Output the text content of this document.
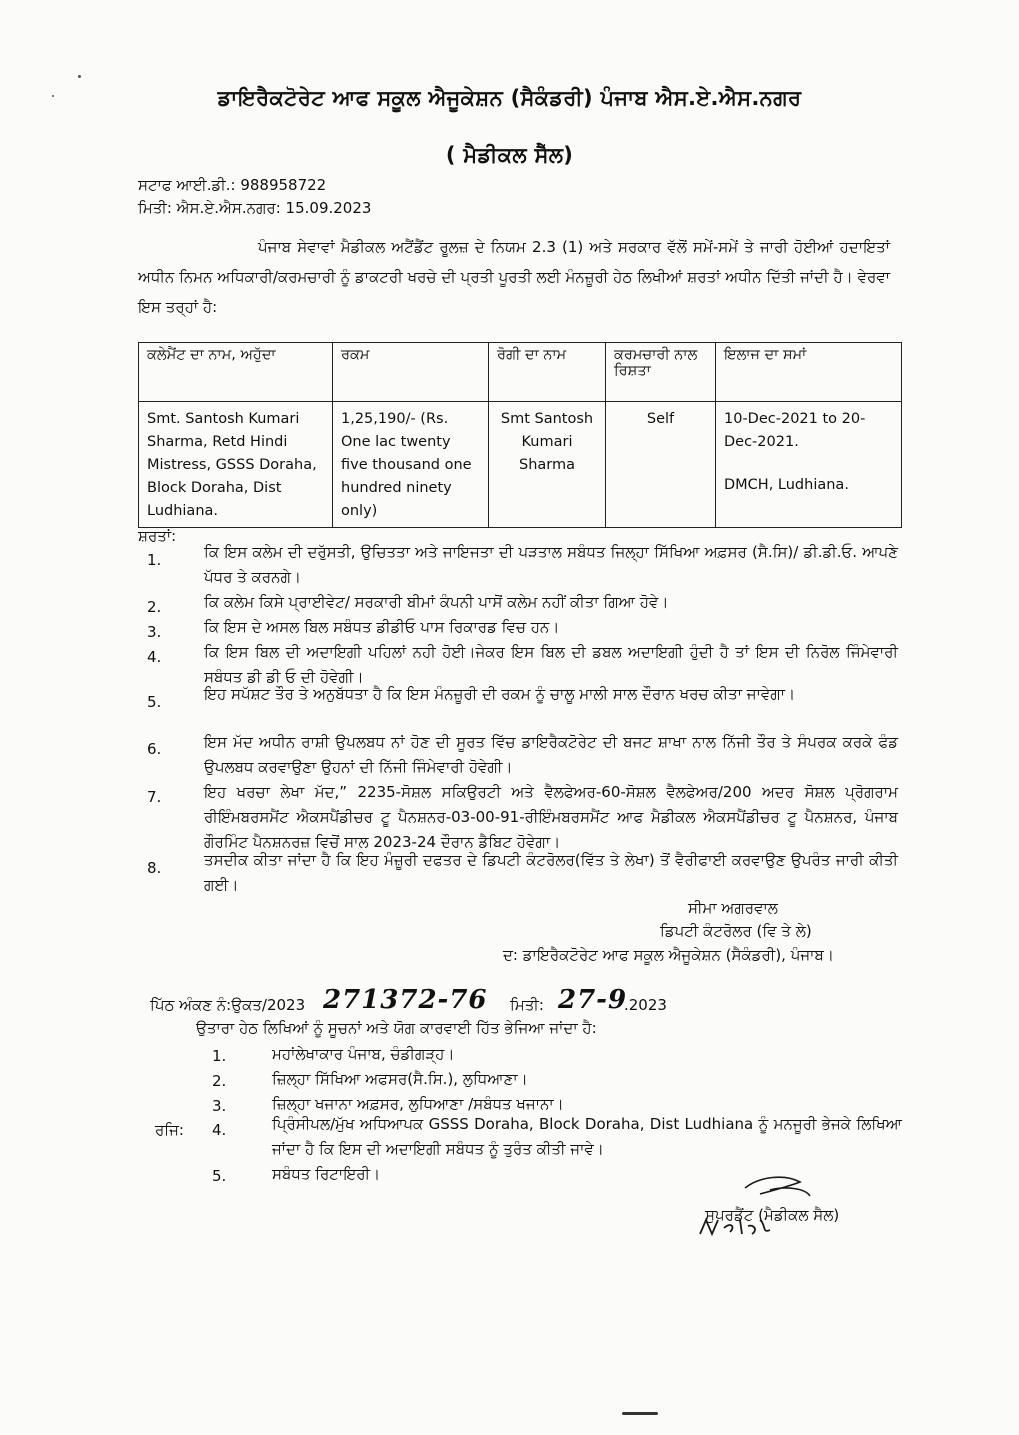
ਡਾਇਰੈਕਟੋਰੇਟ ਆਫ ਸਕੂਲ ਐਜੂਕੇਸ਼ਨ (ਸੈਕੰਡਰੀ) ਪੰਜਾਬ ਐਸ.ਏ.ਐਸ.ਨਗਰ
( ਮੈਡੀਕਲ ਸੈੱਲ)
ਸਟਾਫ ਆਈ.ਡੀ.: 988958722
ਮਿਤੀ: ਐਸ.ਏ.ਐਸ.ਨਗਰ: 15.09.2023
ਪੰਜਾਬ ਸੇਵਾਵਾਂ ਮੈਡੀਕਲ ਅਟੈਂਡੈਂਟ ਰੂਲਜ਼ ਦੇ ਨਿਯਮ 2.3 (1) ਅਤੇ ਸਰਕਾਰ ਵੱਲੋਂ ਸਮੇਂ-ਸਮੇਂ ਤੇ ਜਾਰੀ ਹੋਈਆਂ ਹਦਾਇਤਾਂ ਅਧੀਨ ਨਿਮਨ ਅਧਿਕਾਰੀ/ਕਰਮਚਾਰੀ ਨੂੰ ਡਾਕਟਰੀ ਖਰਚੇ ਦੀ ਪ੍ਰਤੀ ਪੂਰਤੀ ਲਈ ਮੰਨਜ਼ੂਰੀ ਹੇਠ ਲਿਖੀਆਂ ਸ਼ਰਤਾਂ ਅਧੀਨ ਦਿੱਤੀ ਜਾਂਦੀ ਹੈ। ਵੇਰਵਾ ਇਸ ਤਰ੍ਹਾਂ ਹੈ:
ਕਲੇਮੈਂਟ ਦਾ ਨਾਮ, ਅਹੁੱਦਾ	ਰਕਮ	ਰੋਗੀ ਦਾ ਨਾਮ	ਕਰਮਚਾਰੀ ਨਾਲ ਰਿਸ਼ਤਾ	ਇਲਾਜ ਦਾ ਸਮਾਂ
Smt. Santosh Kumari Sharma, Retd Hindi Mistress, GSSS Doraha, Block Doraha, Dist Ludhiana.	1,25,190/- (Rs. One lac twenty five thousand one hundred ninety only)	Smt Santosh Kumari Sharma	Self	10-Dec-2021 to 20-Dec-2021.
DMCH, Ludhiana.
ਸ਼ਰਤਾਂ:
1.	ਕਿ ਇਸ ਕਲੇਮ ਦੀ ਦਰੁੱਸਤੀ, ਉਚਿਤਤਾ ਅਤੇ ਜਾਇਜਤਾ ਦੀ ਪੜਤਾਲ ਸਬੰਧਤ ਜਿਲ੍ਹਾ ਸਿੱਖਿਆ ਅਫ਼ਸਰ (ਸੈ.ਸਿ)/ ਡੀ.ਡੀ.ਓ. ਆਪਣੇ ਪੱਧਰ ਤੇ ਕਰਨਗੇ।
2.	ਕਿ ਕਲੇਮ ਕਿਸੇ ਪ੍ਰਾਈਵੇਟ/ ਸਰਕਾਰੀ ਬੀਮਾਂ ਕੰਪਨੀ ਪਾਸੋਂ ਕਲੇਮ ਨਹੀਂ ਕੀਤਾ ਗਿਆ ਹੋਵੇ।
3.	ਕਿ ਇਸ ਦੇ ਅਸਲ ਬਿਲ ਸਬੰਧਤ ਡੀਡੀਓ ਪਾਸ ਰਿਕਾਰਡ ਵਿਚ ਹਨ।
4.	ਕਿ ਇਸ ਬਿਲ ਦੀ ਅਦਾਇਗੀ ਪਹਿਲਾਂ ਨਹੀ ਹੋਈ।ਜੇਕਰ ਇਸ ਬਿਲ ਦੀ ਡਬਲ ਅਦਾਇਗੀ ਹੁੰਦੀ ਹੈ ਤਾਂ ਇਸ ਦੀ ਨਿਰੋਲ ਜਿੰਮੇਵਾਰੀ ਸਬੰਧਤ ਡੀ ਡੀ ਓ ਦੀ ਹੋਵੇਗੀ।
5.	ਇਹ ਸਪੱਸ਼ਟ ਤੌਰ ਤੇ ਅਨੁਬੱਧਤਾ ਹੈ ਕਿ ਇਸ ਮੰਨਜ਼ੂਰੀ ਦੀ ਰਕਮ ਨੂੰ ਚਾਲੂ ਮਾਲੀ ਸਾਲ ਦੌਰਾਨ ਖਰਚ ਕੀਤਾ ਜਾਵੇਗਾ।
6.	ਇਸ ਮੱਦ ਅਧੀਨ ਰਾਸ਼ੀ ਉਪਲਬਧ ਨਾਂ ਹੋਣ ਦੀ ਸੂਰਤ ਵਿੱਚ ਡਾਇਰੈਕਟੋਰੇਟ ਦੀ ਬਜਟ ਸ਼ਾਖਾ ਨਾਲ ਨਿੱਜੀ ਤੌਰ ਤੇ ਸੰਪਰਕ ਕਰਕੇ ਫੰਡ ਉਪਲਬਧ ਕਰਵਾਉਣਾ ਉਹਨਾਂ ਦੀ ਨਿੱਜੀ ਜਿੰਮੇਵਾਰੀ ਹੋਵੇਗੀ।
7.	ਇਹ ਖਰਚਾ ਲੇਖਾ ਮੱਦ,” 2235-ਸੋਸ਼ਲ ਸਕਿਉਰਟੀ ਅਤੇ ਵੈਲਫੇਅਰ-60-ਸੋਸ਼ਲ ਵੈਲਫੇਅਰ/200 ਅਦਰ ਸੋਸ਼ਲ ਪ੍ਰੋਗਰਾਮ ਰੀਇੰਮਬਰਸਮੈਂਟ ਐਕਸਪੈਂਡੀਚਰ ਟੂ ਪੈਨਸ਼ਨਰ-03-00-91-ਰੀਇੰਮਬਰਸਮੈਂਟ ਆਫ ਮੈਡੀਕਲ ਐਕਸਪੈਂਡੀਚਰ ਟੂ ਪੈਨਸ਼ਨਰ, ਪੰਜਾਬ ਗੌਰਮਿੰਟ ਪੈਨਸ਼ਨਰਜ਼ ਵਿਚੋਂ ਸਾਲ 2023-24 ਦੌਰਾਨ ਡੈਬਿਟ ਹੋਵੇਗਾ।
8.	ਤਸਦੀਕ ਕੀਤਾ ਜਾਂਦਾ ਹੈ ਕਿ ਇਹ ਮੰਜ਼ੂਰੀ ਦਫਤਰ ਦੇ ਡਿਪਟੀ ਕੰਟਰੋਲਰ(ਵਿੱਤ ਤੇ ਲੇਖਾ) ਤੋਂ ਵੈਰੀਫਾਈ ਕਰਵਾਉਣ ਉਪਰੰਤ ਜਾਰੀ ਕੀਤੀ ਗਈ।
ਸੀਮਾ ਅਗਰਵਾਲ
ਡਿਪਟੀ ਕੰਟਰੋਲਰ (ਵਿ ਤੇ ਲੇ)
ਦ: ਡਾਇਰੈਕਟੋਰੇਟ ਆਫ ਸਕੂਲ ਐਜੂਕੇਸ਼ਨ (ਸੈਕੰਡਰੀ), ਪੰਜਾਬ।
ਪਿੱਠ ਅੰਕਣ ਨੰ:ਉਕਤ/2023 271372-76 ਮਿਤੀ: 27-9
.2023
ਉਤਾਰਾ ਹੇਠ ਲਿਖਿਆਂ ਨੂੰ ਸੂਚਨਾਂ ਅਤੇ ਯੋਗ ਕਾਰਵਾਈ ਹਿੱਤ ਭੇਜਿਆ ਜਾਂਦਾ ਹੈ:
1.	ਮਹਾਂਲੇਖਾਕਾਰ ਪੰਜਾਬ, ਚੰਡੀਗੜ੍ਹ।
2.	ਜ਼ਿਲ੍ਹਾ ਸਿੱਖਿਆ ਅਫਸਰ(ਸੈ.ਸਿ.), ਲੁਧਿਆਣਾ।
3.	ਜ਼ਿਲ੍ਹਾ ਖਜਾਨਾ ਅਫ਼ਸਰ, ਲੁਧਿਆਣਾ /ਸਬੰਧਤ ਖਜਾਨਾ।
ਰਜਿ: 4.	ਪ੍ਰਿੰਸੀਪਲ/ਮੁੱਖ ਅਧਿਆਪਕ GSSS Doraha, Block Doraha, Dist Ludhiana ਨੂੰ ਮਨਜੂਰੀ ਭੇਜਕੇ ਲਿਖਿਆ ਜਾਂਦਾ ਹੈ ਕਿ ਇਸ ਦੀ ਅਦਾਇਗੀ ਸਬੰਧਤ ਨੂੰ ਤੁਰੰਤ ਕੀਤੀ ਜਾਵੇ।
5.	ਸਬੰਧਤ ਰਿਟਾਇਰੀ।
ਸੁਪਰਡੈਂਟ (ਮੈਡੀਕਲ ਸੈਲ)
